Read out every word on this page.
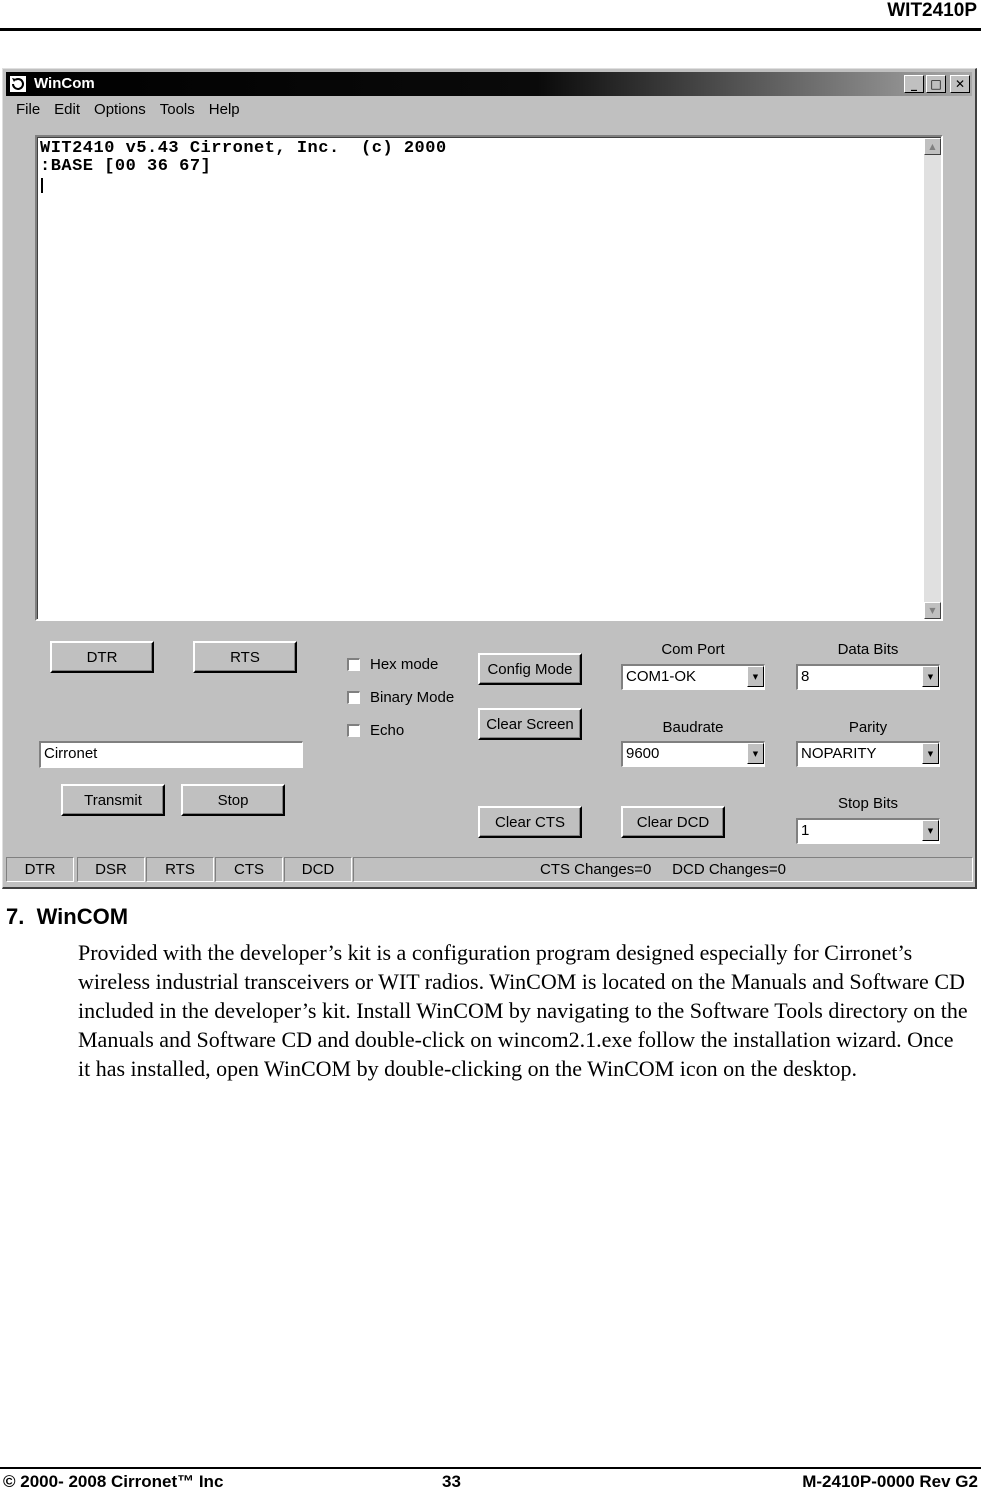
WIT2410P
WinCom	_	□	✕
File Edit Options Tools Help
WIT2410 v5.43 Cirronet, Inc.  (c) 2000
:BASE [00 36 67]
▲
▼
DTR	RTS	Hex mode
Binary Mode
Echo
Config Mode
Clear Screen
Com Port
COM1-OK	▼
Data Bits
8	▼
Baudrate
9600	▼
Parity
NOPARITY	▼
Cirronet
Transmit	Stop
Clear CTS	Clear DCD
Stop Bits
1	▼
DTR	DSR	RTS	CTS	DCD	CTS Changes=0     DCD Changes=0
7.  WinCOM
Provided with the developer’s kit is a configuration program designed especially for Cirronet’s wireless industrial transceivers or WIT radios. WinCOM is located on the Manuals and Software CD included in the developer’s kit. Install WinCOM by navigating to the Software Tools directory on the Manuals and Software CD and double-click on wincom2.1.exe follow the installation wizard. Once it has installed, open WinCOM by double-clicking on the WinCOM icon on the desktop.
© 2000- 2008 Cirronet™ Inc	33	M-2410P-0000 Rev G2
